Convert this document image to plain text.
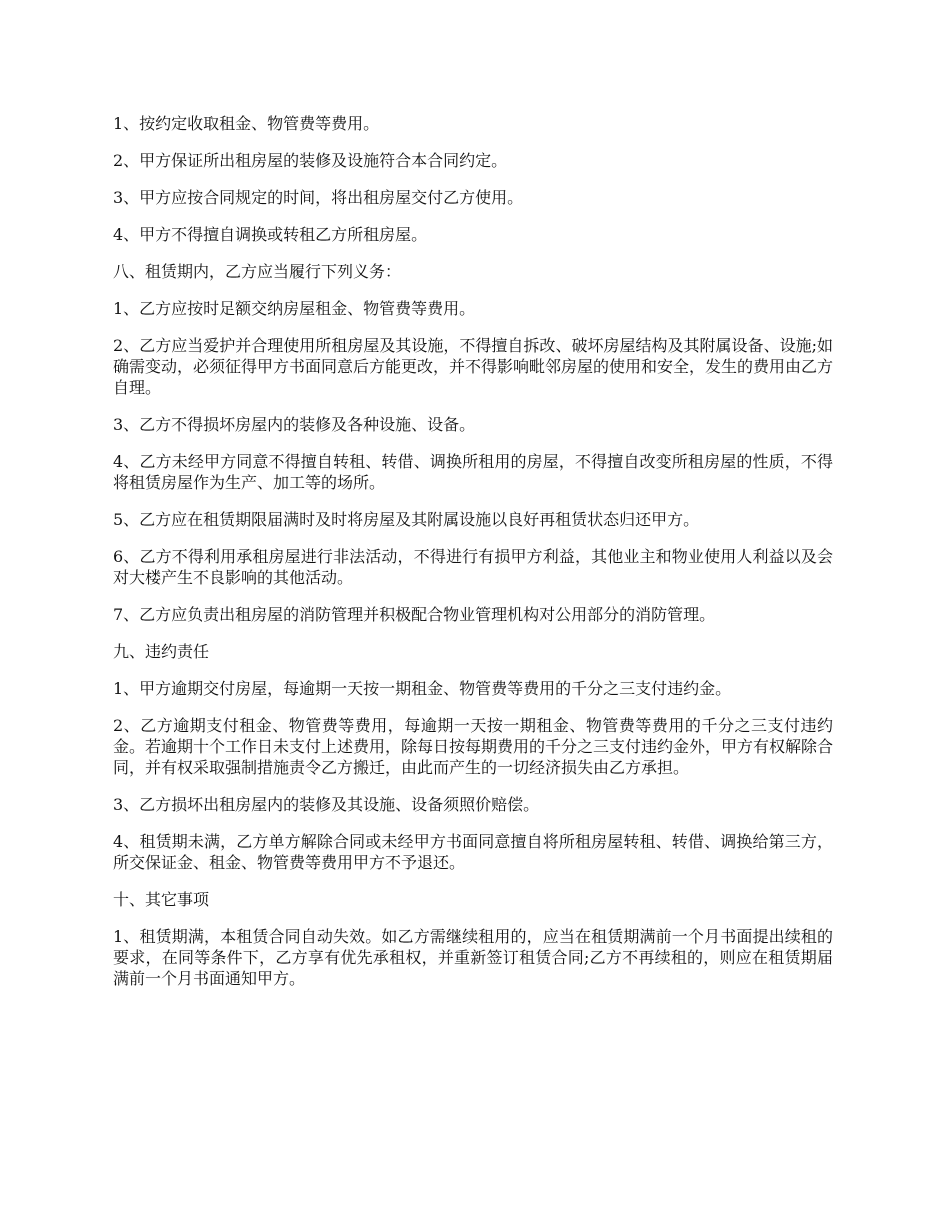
1、按约定收取租金、物管费等费用。

2、甲方保证所出租房屋的装修及设施符合本合同约定。

3、甲方应按合同规定的时间，将出租房屋交付乙方使用。

4、甲方不得擅自调换或转租乙方所租房屋。

八、租赁期内，乙方应当履行下列义务：

1、乙方应按时足额交纳房屋租金、物管费等费用。

2、乙方应当爱护并合理使用所租房屋及其设施，不得擅自拆改、破坏房屋结构及其附属设备、设施;如确需变动，必须征得甲方书面同意后方能更改，并不得影响毗邻房屋的使用和安全，发生的费用由乙方自理。

3、乙方不得损坏房屋内的装修及各种设施、设备。

4、乙方未经甲方同意不得擅自转租、转借、调换所租用的房屋，不得擅自改变所租房屋的性质，不得将租赁房屋作为生产、加工等的场所。

5、乙方应在租赁期限届满时及时将房屋及其附属设施以良好再租赁状态归还甲方。

6、乙方不得利用承租房屋进行非法活动，不得进行有损甲方利益，其他业主和物业使用人利益以及会对大楼产生不良影响的其他活动。

7、乙方应负责出租房屋的消防管理并积极配合物业管理机构对公用部分的消防管理。

九、违约责任

1、甲方逾期交付房屋，每逾期一天按一期租金、物管费等费用的千分之三支付违约金。

2、乙方逾期支付租金、物管费等费用，每逾期一天按一期租金、物管费等费用的千分之三支付违约金。若逾期十个工作日未支付上述费用，除每日按每期费用的千分之三支付违约金外，甲方有权解除合同，并有权采取强制措施责令乙方搬迁，由此而产生的一切经济损失由乙方承担。

3、乙方损坏出租房屋内的装修及其设施、设备须照价赔偿。

4、租赁期未满，乙方单方解除合同或未经甲方书面同意擅自将所租房屋转租、转借、调换给第三方，所交保证金、租金、物管费等费用甲方不予退还。

十、其它事项

1、租赁期满，本租赁合同自动失效。如乙方需继续租用的，应当在租赁期满前一个月书面提出续租的要求，在同等条件下，乙方享有优先承租权，并重新签订租赁合同;乙方不再续租的，则应在租赁期届满前一个月书面通知甲方。
